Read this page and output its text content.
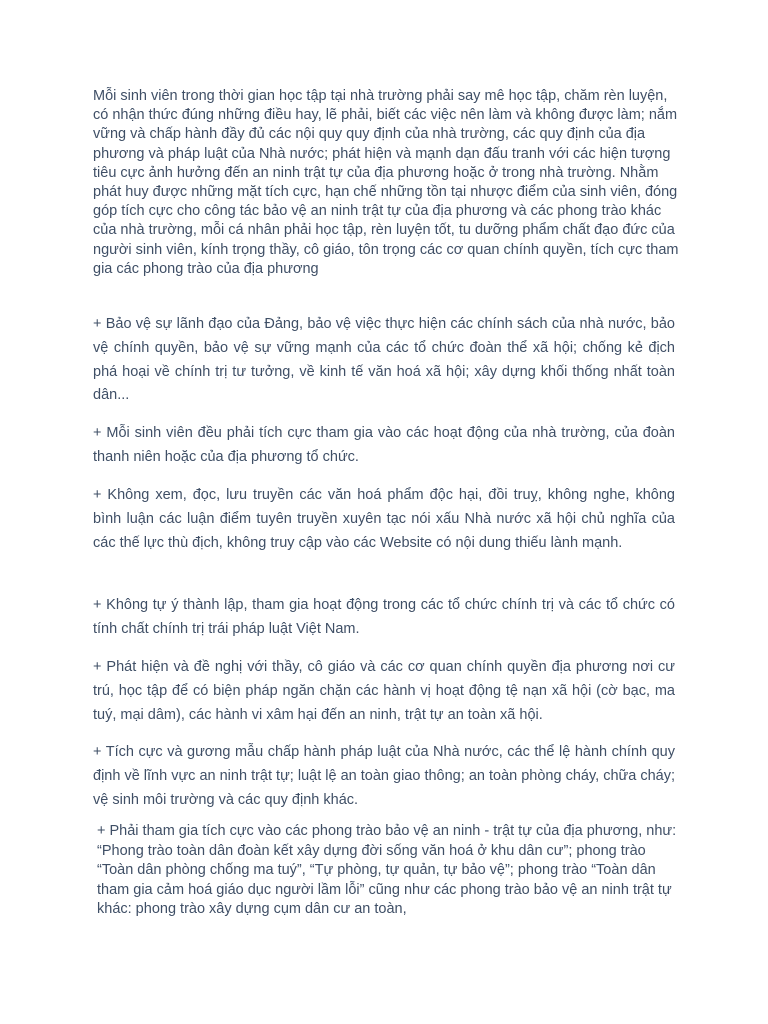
Mỗi sinh viên trong thời gian học tập tại nhà trường phải say mê học tập, chăm rèn luyện, có nhận thức đúng những điều hay, lẽ phải, biết các việc nên làm và không được làm; nắm vững và chấp hành đầy đủ các nội quy quy định của nhà trường, các quy định của địa phương và pháp luật của Nhà nước; phát hiện và mạnh dạn đấu tranh với các hiện tượng tiêu cực ảnh hưởng đến an ninh trật tự của địa phương hoặc ở trong nhà trường. Nhằm phát huy được những mặt tích cực, hạn chế những tồn tại nhược điểm của sinh viên, đóng góp tích cực cho công tác bảo vệ an ninh trật tự của địa phương và các phong trào khác của nhà trường, mỗi cá nhân phải học tập, rèn luyện tốt, tu dưỡng phẩm chất đạo đức của người sinh viên, kính trọng thầy, cô giáo, tôn trọng các cơ quan chính quyền, tích cực tham gia các phong trào của địa phương

+ Bảo vệ sự lãnh đạo của Đảng, bảo vệ việc thực hiện các chính sách của nhà nước, bảo vệ chính quyền, bảo vệ sự vững mạnh của các tổ chức đoàn thể xã hội; chống kẻ địch phá hoại về chính trị tư tưởng, về kinh tế văn hoá xã hội; xây dựng khối thống nhất toàn dân...

+ Mỗi sinh viên đều phải tích cực tham gia vào các hoạt động của nhà trường, của đoàn thanh niên hoặc của địa phương tổ chức.

+ Không xem, đọc, lưu truyền các văn hoá phẩm độc hại, đồi truỵ, không nghe, không bình luận các luận điểm tuyên truyền xuyên tạc nói xấu Nhà nước xã hội chủ nghĩa của các thế lực thù địch, không truy cập vào các Website có nội dung thiếu lành mạnh.

+ Không tự ý thành lập, tham gia hoạt động trong các tổ chức chính trị và các tổ chức có tính chất chính trị trái pháp luật Việt Nam.

+ Phát hiện và đề nghị với thầy, cô giáo và các cơ quan chính quyền địa phương nơi cư trú, học tập để có biện pháp ngăn chặn các hành vị hoạt động tệ nạn xã hội (cờ bạc, ma tuý, mại dâm), các hành vi xâm hại đến an ninh, trật tự an toàn xã hội.

+ Tích cực và gương mẫu chấp hành pháp luật của Nhà nước, các thể lệ hành chính quy định về lĩnh vực an ninh trật tự; luật lệ an toàn giao thông; an toàn phòng cháy, chữa cháy; vệ sinh môi trường và các quy định khác.

+ Phải tham gia tích cực vào các phong trào bảo vệ an ninh - trật tự của địa phương, như: “Phong trào toàn dân đoàn kết xây dựng đời sống văn hoá ở khu dân cư”; phong trào “Toàn dân phòng chống ma tuý”, “Tự phòng, tự quản, tự bảo vệ”; phong trào “Toàn dân tham gia cảm hoá giáo dục người lầm lỗi” cũng như các phong trào bảo vệ an ninh trật tự khác: phong trào xây dựng cụm dân cư an toàn,
